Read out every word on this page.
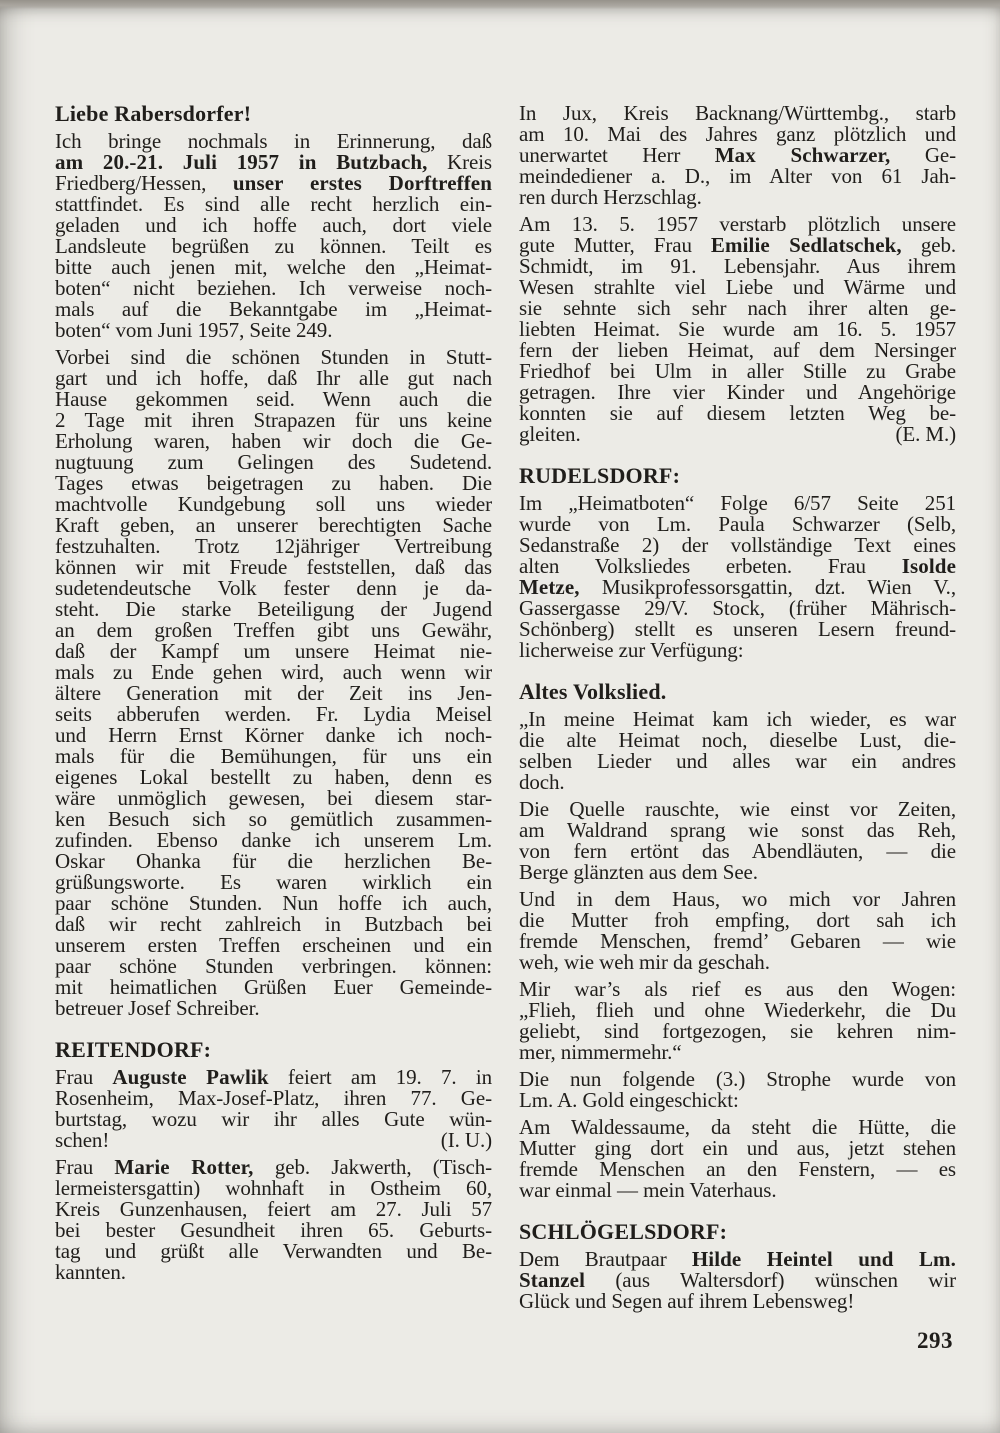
Liebe Rabersdorfer!

Ich bringe nochmals in Erinnerung, daß
am 20.-21. Juli 1957 in Butzbach, Kreis
Friedberg/Hessen, unser erstes Dorftreffen
stattfindet. Es sind alle recht herzlich ein-
geladen und ich hoffe auch, dort viele
Landsleute begrüßen zu können. Teilt es
bitte auch jenen mit, welche den „Heimat-
boten“ nicht beziehen. Ich verweise noch-
mals auf die Bekanntgabe im „Heimat-
boten“ vom Juni 1957, Seite 249.

Vorbei sind die schönen Stunden in Stutt-
gart und ich hoffe, daß Ihr alle gut nach
Hause gekommen seid. Wenn auch die
2 Tage mit ihren Strapazen für uns keine
Erholung waren, haben wir doch die Ge-
nugtuung zum Gelingen des Sudetend.
Tages etwas beigetragen zu haben. Die
machtvolle Kundgebung soll uns wieder
Kraft geben, an unserer berechtigten Sache
festzuhalten. Trotz 12jähriger Vertreibung
können wir mit Freude feststellen, daß das
sudetendeutsche Volk fester denn je da-
steht. Die starke Beteiligung der Jugend
an dem großen Treffen gibt uns Gewähr,
daß der Kampf um unsere Heimat nie-
mals zu Ende gehen wird, auch wenn wir
ältere Generation mit der Zeit ins Jen-
seits abberufen werden. Fr. Lydia Meisel
und Herrn Ernst Körner danke ich noch-
mals für die Bemühungen, für uns ein
eigenes Lokal bestellt zu haben, denn es
wäre unmöglich gewesen, bei diesem star-
ken Besuch sich so gemütlich zusammen-
zufinden. Ebenso danke ich unserem Lm.
Oskar Ohanka für die herzlichen Be-
grüßungsworte. Es waren wirklich ein
paar schöne Stunden. Nun hoffe ich auch,
daß wir recht zahlreich in Butzbach bei
unserem ersten Treffen erscheinen und ein
paar schöne Stunden verbringen. können:
mit heimatlichen Grüßen Euer Gemeinde-
betreuer Josef Schreiber.

REITENDORF:

Frau Auguste Pawlik feiert am 19. 7. in
Rosenheim, Max-Josef-Platz, ihren 77. Ge-
burtstag, wozu wir ihr alles Gute wün-
schen!	(I. U.)

Frau Marie Rotter, geb. Jakwerth, (Tisch-
lermeistersgattin) wohnhaft in Ostheim 60,
Kreis Gunzenhausen, feiert am 27. Juli 57
bei bester Gesundheit ihren 65. Geburts-
tag und grüßt alle Verwandten und Be-
kannten.

In Jux, Kreis Backnang/Württembg., starb
am 10. Mai des Jahres ganz plötzlich und
unerwartet Herr Max Schwarzer, Ge-
meindediener a. D., im Alter von 61 Jah-
ren durch Herzschlag.

Am 13. 5. 1957 verstarb plötzlich unsere
gute Mutter, Frau Emilie Sedlatschek, geb.
Schmidt, im 91. Lebensjahr. Aus ihrem
Wesen strahlte viel Liebe und Wärme und
sie sehnte sich sehr nach ihrer alten ge-
liebten Heimat. Sie wurde am 16. 5. 1957
fern der lieben Heimat, auf dem Nersinger
Friedhof bei Ulm in aller Stille zu Grabe
getragen. Ihre vier Kinder und Angehörige
konnten sie auf diesem letzten Weg be-
gleiten.	(E. M.)

RUDELSDORF:

Im „Heimatboten“ Folge 6/57 Seite 251
wurde von Lm. Paula Schwarzer (Selb,
Sedanstraße 2) der vollständige Text eines
alten Volksliedes erbeten. Frau Isolde
Metze, Musikprofessorsgattin, dzt. Wien V.,
Gassergasse 29/V. Stock, (früher Mährisch-
Schönberg) stellt es unseren Lesern freund-
licherweise zur Verfügung:

Altes Volkslied.

„In meine Heimat kam ich wieder, es war
die alte Heimat noch, dieselbe Lust, die-
selben Lieder und alles war ein andres
doch.

Die Quelle rauschte, wie einst vor Zeiten,
am Waldrand sprang wie sonst das Reh,
von fern ertönt das Abendläuten, — die
Berge glänzten aus dem See.

Und in dem Haus, wo mich vor Jahren
die Mutter froh empfing, dort sah ich
fremde Menschen, fremd’ Gebaren — wie
weh, wie weh mir da geschah.

Mir war’s als rief es aus den Wogen:
„Flieh, flieh und ohne Wiederkehr, die Du
geliebt, sind fortgezogen, sie kehren nim-
mer, nimmermehr.“

Die nun folgende (3.) Strophe wurde von
Lm. A. Gold eingeschickt:

Am Waldessaume, da steht die Hütte, die
Mutter ging dort ein und aus, jetzt stehen
fremde Menschen an den Fenstern, — es
war einmal — mein Vaterhaus.

SCHLÖGELSDORF:

Dem Brautpaar Hilde Heintel und Lm.
Stanzel (aus Waltersdorf) wünschen wir
Glück und Segen auf ihrem Lebensweg!

293
